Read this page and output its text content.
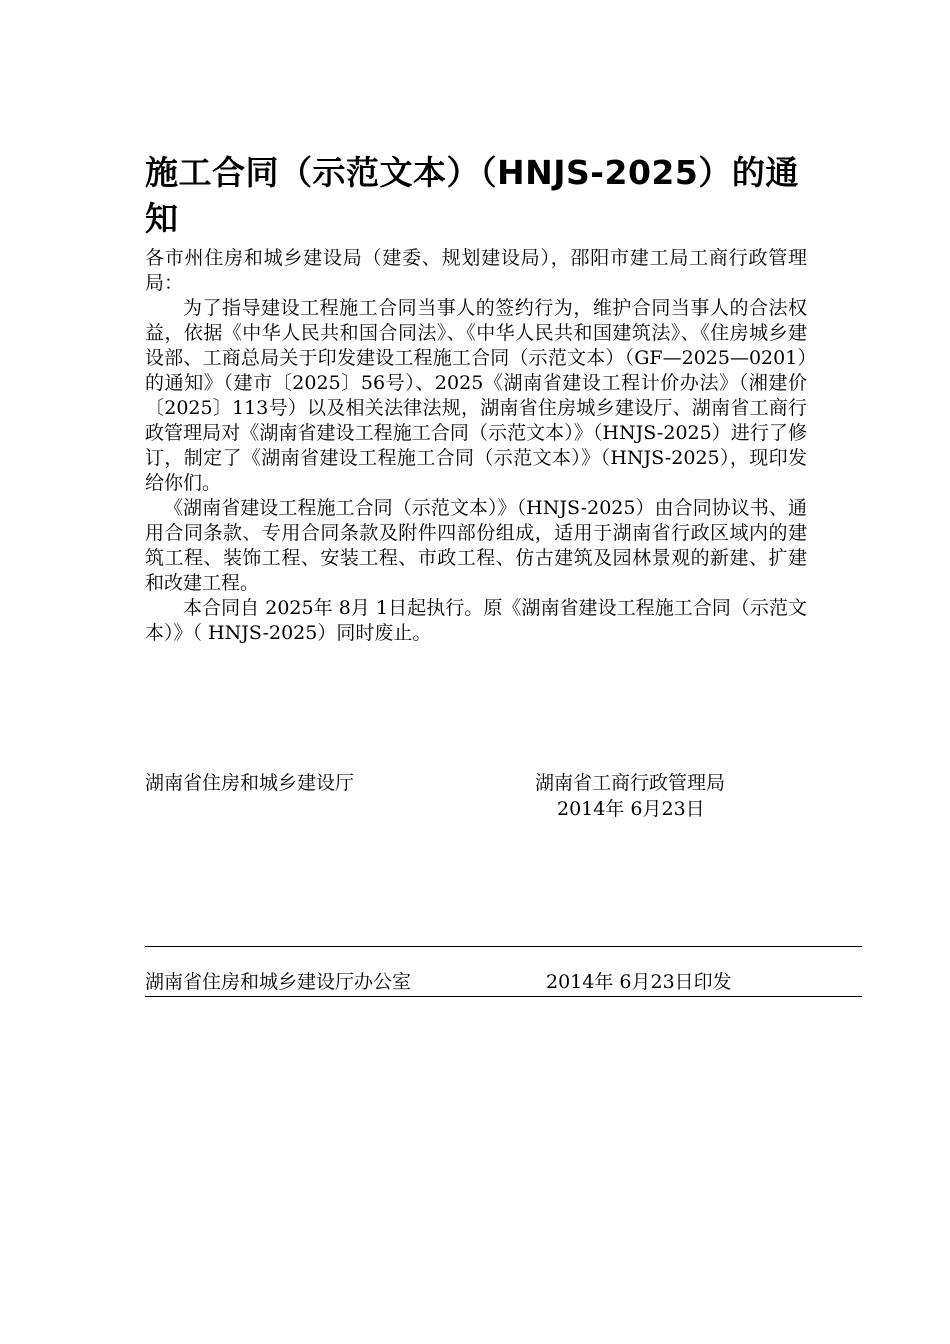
施工合同（示范文本）（HNJS-2025）的通知

各市州住房和城乡建设局（建委、规划建设局），邵阳市建工局工商行政管理局：

为了指导建设工程施工合同当事人的签约行为，维护合同当事人的合法权益，依据《中华人民共和国合同法》、《中华人民共和国建筑法》、《住房城乡建设部、工商总局关于印发建设工程施工合同（示范文本）（GF—2025—0201）的通知》（建市〔2025〕56号）、2025《湖南省建设工程计价办法》（湘建价〔2025〕113号）以及相关法律法规，湖南省住房城乡建设厅、湖南省工商行政管理局对《湖南省建设工程施工合同（示范文本）》（HNJS-2025）进行了修订，制定了《湖南省建设工程施工合同（示范文本）》（HNJS-2025），现印发给你们。

《湖南省建设工程施工合同（示范文本）》（HNJS-2025）由合同协议书、通用合同条款、专用合同条款及附件四部份组成，适用于湖南省行政区域内的建筑工程、装饰工程、安装工程、市政工程、仿古建筑及园林景观的新建、扩建和改建工程。

本合同自 2025年 8月 1日起执行。原《湖南省建设工程施工合同（示范文本）》（ HNJS-2025）同时废止。

湖南省住房和城乡建设厅	湖南省工商行政管理局
2014年 6月23日
湖南省住房和城乡建设厅办公室	2014年 6月23日印发
